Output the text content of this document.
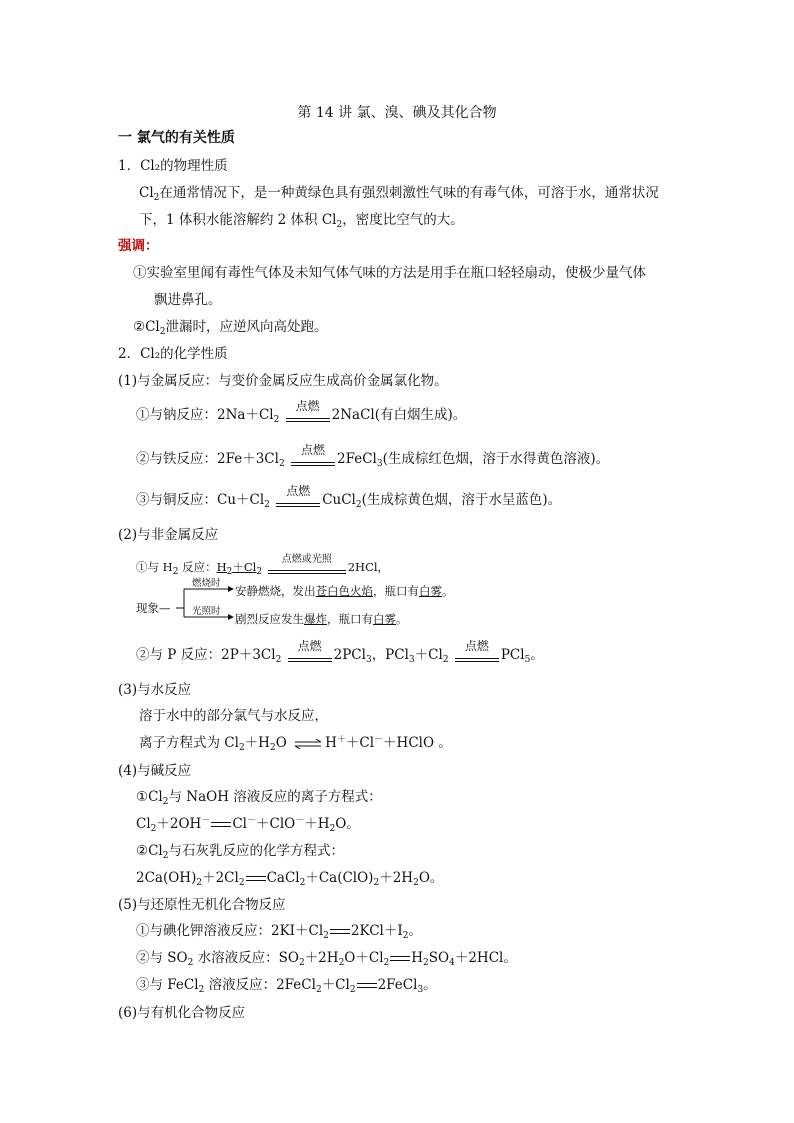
第 14 讲 氯、溴、碘及其化合物
一 氯气的有关性质
1．Cl₂的物理性质
$Cl_2$在通常情况下，是一种黄绿色具有强烈刺激性气味的有毒气体，可溶于水，通常状况
下，1 体积水能溶解约 2 体积 $Cl_2$，密度比空气的大。
强调：
①实验室里闻有毒性气体及未知气体气味的方法是用手在瓶口轻轻扇动，使极少量气体
飘进鼻孔。
$②Cl_2$泄漏时，应逆风向高处跑。
2．Cl₂的化学性质
(1)与金属反应：与变价金属反应生成高价金属氯化物。
①与钠反应：$2Na+Cl_2$
点燃
2NaCl(有白烟生成)。
②与铁反应：$2Fe+3Cl_2$
点燃
2FeCl$_3$(生成棕红色烟，溶于水得黄色溶液)。
③与铜反应：$Cu+Cl_2$
点燃
CuCl$_2$(生成棕黄色烟，溶于水呈蓝色)。
(2)与非金属反应
①与 $H_2$ 反应：$H_2+Cl_2$
点燃或光照
2HCl，
现象—
燃烧时
安静燃烧，发出苍白色火焰，瓶口有白雾。
光照时
剧烈反应发生爆炸，瓶口有白雾。
②与 P 反应：$2P+3Cl_2$
点燃
2PCl$_3$，$PCl_3+Cl_2$
点燃
PCl$_5$。
(3)与水反应
溶于水中的部分氯气与水反应，
离子方程式为 $Cl_2+H_2O$ ⇌ H＋＋Cl－＋HClO 。
(4)与碱反应
$①Cl_2$与 NaOH 溶液反应的离子方程式：
$Cl_2+2OH^-$ $Cl^-+ClO^-+H_2O$。
$②Cl_2$与石灰乳反应的化学方程式：
$2Ca(OH)_2+2Cl_2$ $CaCl_2+Ca(ClO)_2+2H_2O$。
(5)与还原性无机化合物反应
①与碘化钾溶液反应：$2KI+Cl_2$ $2KCl+I_2$。
②与 $SO_2$ 水溶液反应：$SO_2+2H_2O+Cl_2$ $H_2SO_4+2HCl$。
③与 FeCl$_2$ 溶液反应：$2FeCl_2+Cl_2$ 2FeCl$_3$。
(6)与有机化合物反应
